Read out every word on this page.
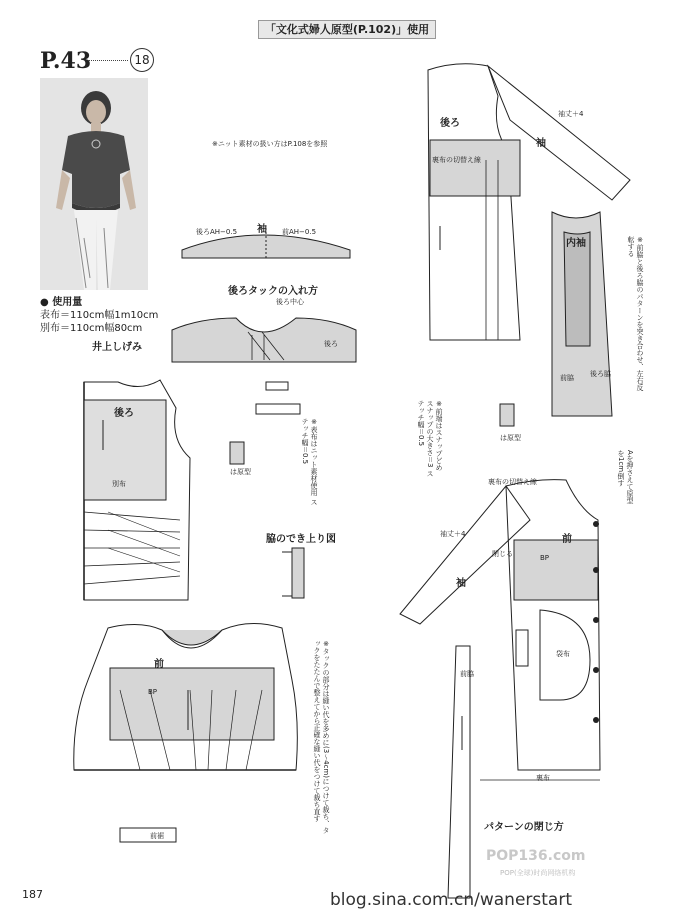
「文化式婦人原型(P.102)」使用
P.43	18
● 使用量
表布＝110cm幅1m10cm
別布＝110cm幅80cm
井上しげみ
※ニット素材の扱い方はP.108を参照
袖
後ろAH−0.5	前AH−0.5
後ろタックの入れ方
後ろ中心
後ろ
※表布はニット素材使用 ステッチ幅＝0.5
は原型
脇のでき上り図
後ろ
別布
前
BP
前裾
※タックの部分は縫い代を多めに(3〜4cm)につけて裁ち、タックをたたんで整えてから正確な縫い代をつけて裁ち直す
後ろ
裏布の切替え線
袖
袖丈＋4
内袖
前脇 後ろ脇	※前脇と後ろ脇のパターンを突き合わせ、左右反転する
※前端はスナップどめ スナップの大きさ＝3 ステッチ幅＝0.5	は原型
裏布の切替え線	Aを押さえて原型を1cm倒す
前
BP
袖丈＋4
袖
閉じる
袋布
前脇
裏布
パターンの閉じ方
187
POP136.com
POP(全球)时尚网络机构
blog.sina.com.cn/wanerstart
